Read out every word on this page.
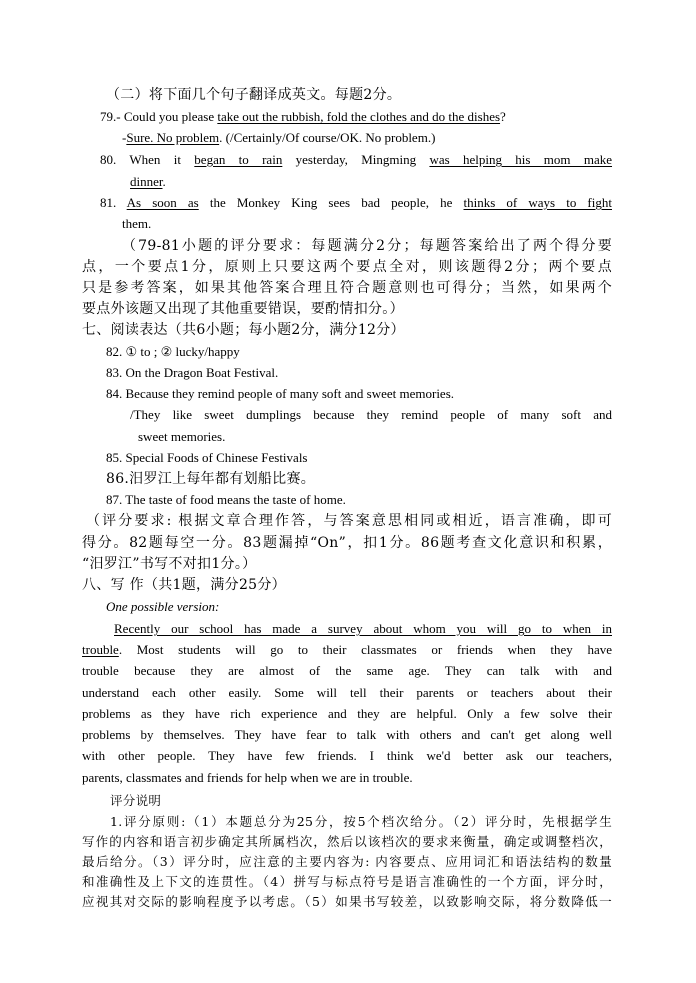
（二）将下面几个句子翻译成英文。每题2分。
79.- Could you please take out the rubbish, fold the clothes and do the dishes?
-Sure. No problem. (/Certainly/Of course/OK. No problem.)
80. When it began to rain yesterday, Mingming was helping his mom make
dinner.
81. As soon as the Monkey King sees bad people, he thinks of ways to fight
them.
（79-81小题的评分要求：每题满分2分；每题答案给出了两个得分要
点，一个要点1分，原则上只要这两个要点全对，则该题得2分；两个要点
只是参考答案，如果其他答案合理且符合题意则也可得分；当然，如果两个
要点外该题又出现了其他重要错误，要酌情扣分。）
七、阅读表达（共6小题；每小题2分，满分12分）
82. ① to ; ② lucky/happy
83. On the Dragon Boat Festival.
84. Because they remind people of many soft and sweet memories.
/They like sweet dumplings because they remind people of many soft and
sweet memories.
85. Special Foods of Chinese Festivals
86.汨罗江上每年都有划船比赛。
87. The taste of food means the taste of home.
（评分要求: 根据文章合理作答，与答案意思相同或相近，语言准确，即可
得分。82题每空一分。83题漏掉“On”，扣1分。86题考查文化意识和积累，
“汨罗江”书写不对扣1分。）
八、写 作（共1题，满分25分）
One possible version:
Recently our school has made a survey about whom you will go to when in
trouble. Most students will go to their classmates or friends when they have
trouble because they are almost of the same age. They can talk with and
understand each other easily. Some will tell their parents or teachers about their
problems as they have rich experience and they are helpful. Only a few solve their
problems by themselves. They have fear to talk with others and can't get along well
with other people. They have few friends. I think we'd better ask our teachers,
parents, classmates and friends for help when we are in trouble.
评分说明
1.评分原则:（1）本题总分为25分，按5个档次给分。（2）评分时，先根据学生
写作的内容和语言初步确定其所属档次，然后以该档次的要求来衡量，确定或调整档次，
最后给分。（3）评分时，应注意的主要内容为: 内容要点、应用词汇和语法结构的数量
和准确性及上下文的连贯性。（4）拼写与标点符号是语言准确性的一个方面，评分时，
应视其对交际的影响程度予以考虑。（5）如果书写较差，以致影响交际，将分数降低一
